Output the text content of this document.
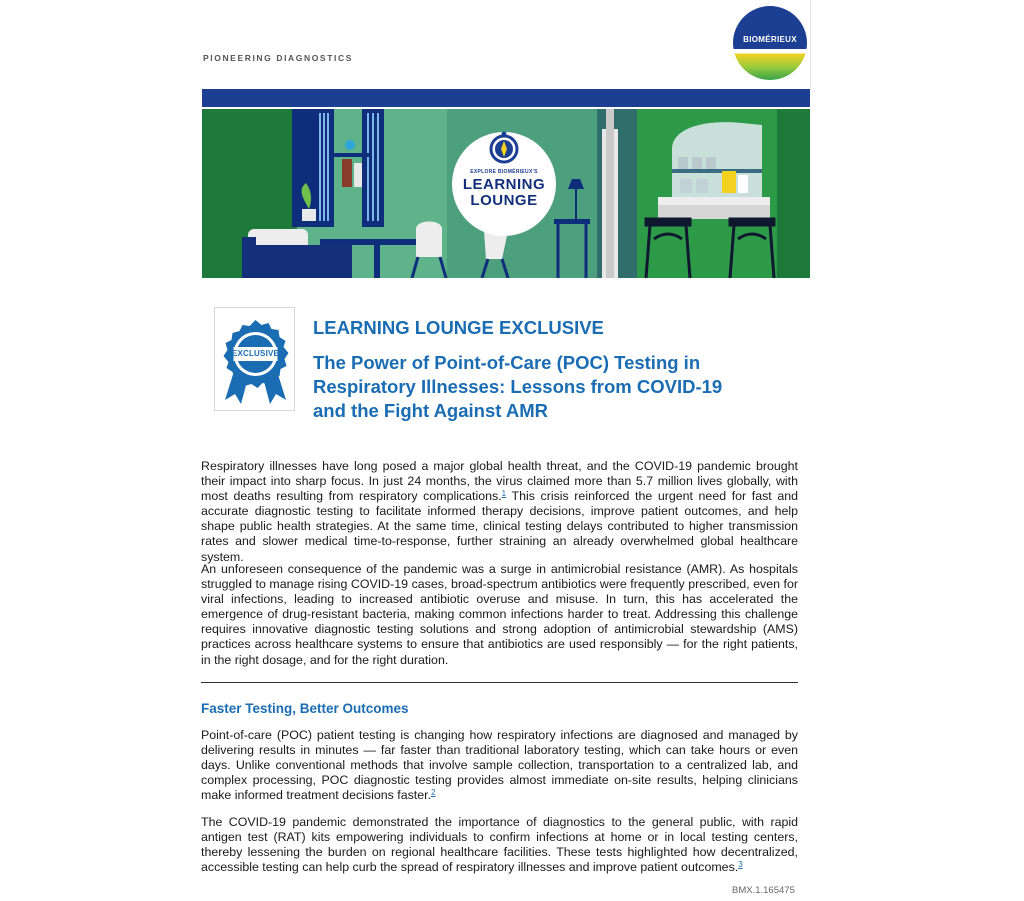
PIONEERING DIAGNOSTICS
BIOMÉRIEUX
EXPLORE BIOMÉRIEUX'S
LEARNING
LOUNGE
EXCLUSIVE
LEARNING LOUNGE EXCLUSIVE
The Power of Point-of-Care (POC) Testing in
Respiratory Illnesses: Lessons from COVID-19
and the Fight Against AMR

Respiratory illnesses have long posed a major global health threat, and the COVID-19 pandemic brought their impact into sharp focus. In just 24 months, the virus claimed more than 5.7 million lives globally, with most deaths resulting from respiratory complications.$^1$ This crisis reinforced the urgent need for fast and accurate diagnostic testing to facilitate informed therapy decisions, improve patient outcomes, and help shape public health strategies. At the same time, clinical testing delays contributed to higher transmission rates and slower medical time-to-response, further straining an already overwhelmed global healthcare system.

An unforeseen consequence of the pandemic was a surge in antimicrobial resistance (AMR). As hospitals struggled to manage rising COVID-19 cases, broad-spectrum antibiotics were frequently prescribed, even for viral infections, leading to increased antibiotic overuse and misuse. In turn, this has accelerated the emergence of drug-resistant bacteria, making common infections harder to treat. Addressing this challenge requires innovative diagnostic testing solutions and strong adoption of antimicrobial stewardship (AMS) practices across healthcare systems to ensure that antibiotics are used responsibly — for the right patients, in the right dosage, and for the right duration.

Faster Testing, Better Outcomes

Point-of-care (POC) patient testing is changing how respiratory infections are diagnosed and managed by delivering results in minutes — far faster than traditional laboratory testing, which can take hours or even days. Unlike conventional methods that involve sample collection, transportation to a centralized lab, and complex processing, POC diagnostic testing provides almost immediate on-site results, helping clinicians make informed treatment decisions faster.$^2$

The COVID-19 pandemic demonstrated the importance of diagnostics to the general public, with rapid antigen test (RAT) kits empowering individuals to confirm infections at home or in local testing centers, thereby lessening the burden on regional healthcare facilities. These tests highlighted how decentralized, accessible testing can help curb the spread of respiratory illnesses and improve patient outcomes.$^3$

BMX.1.165475
